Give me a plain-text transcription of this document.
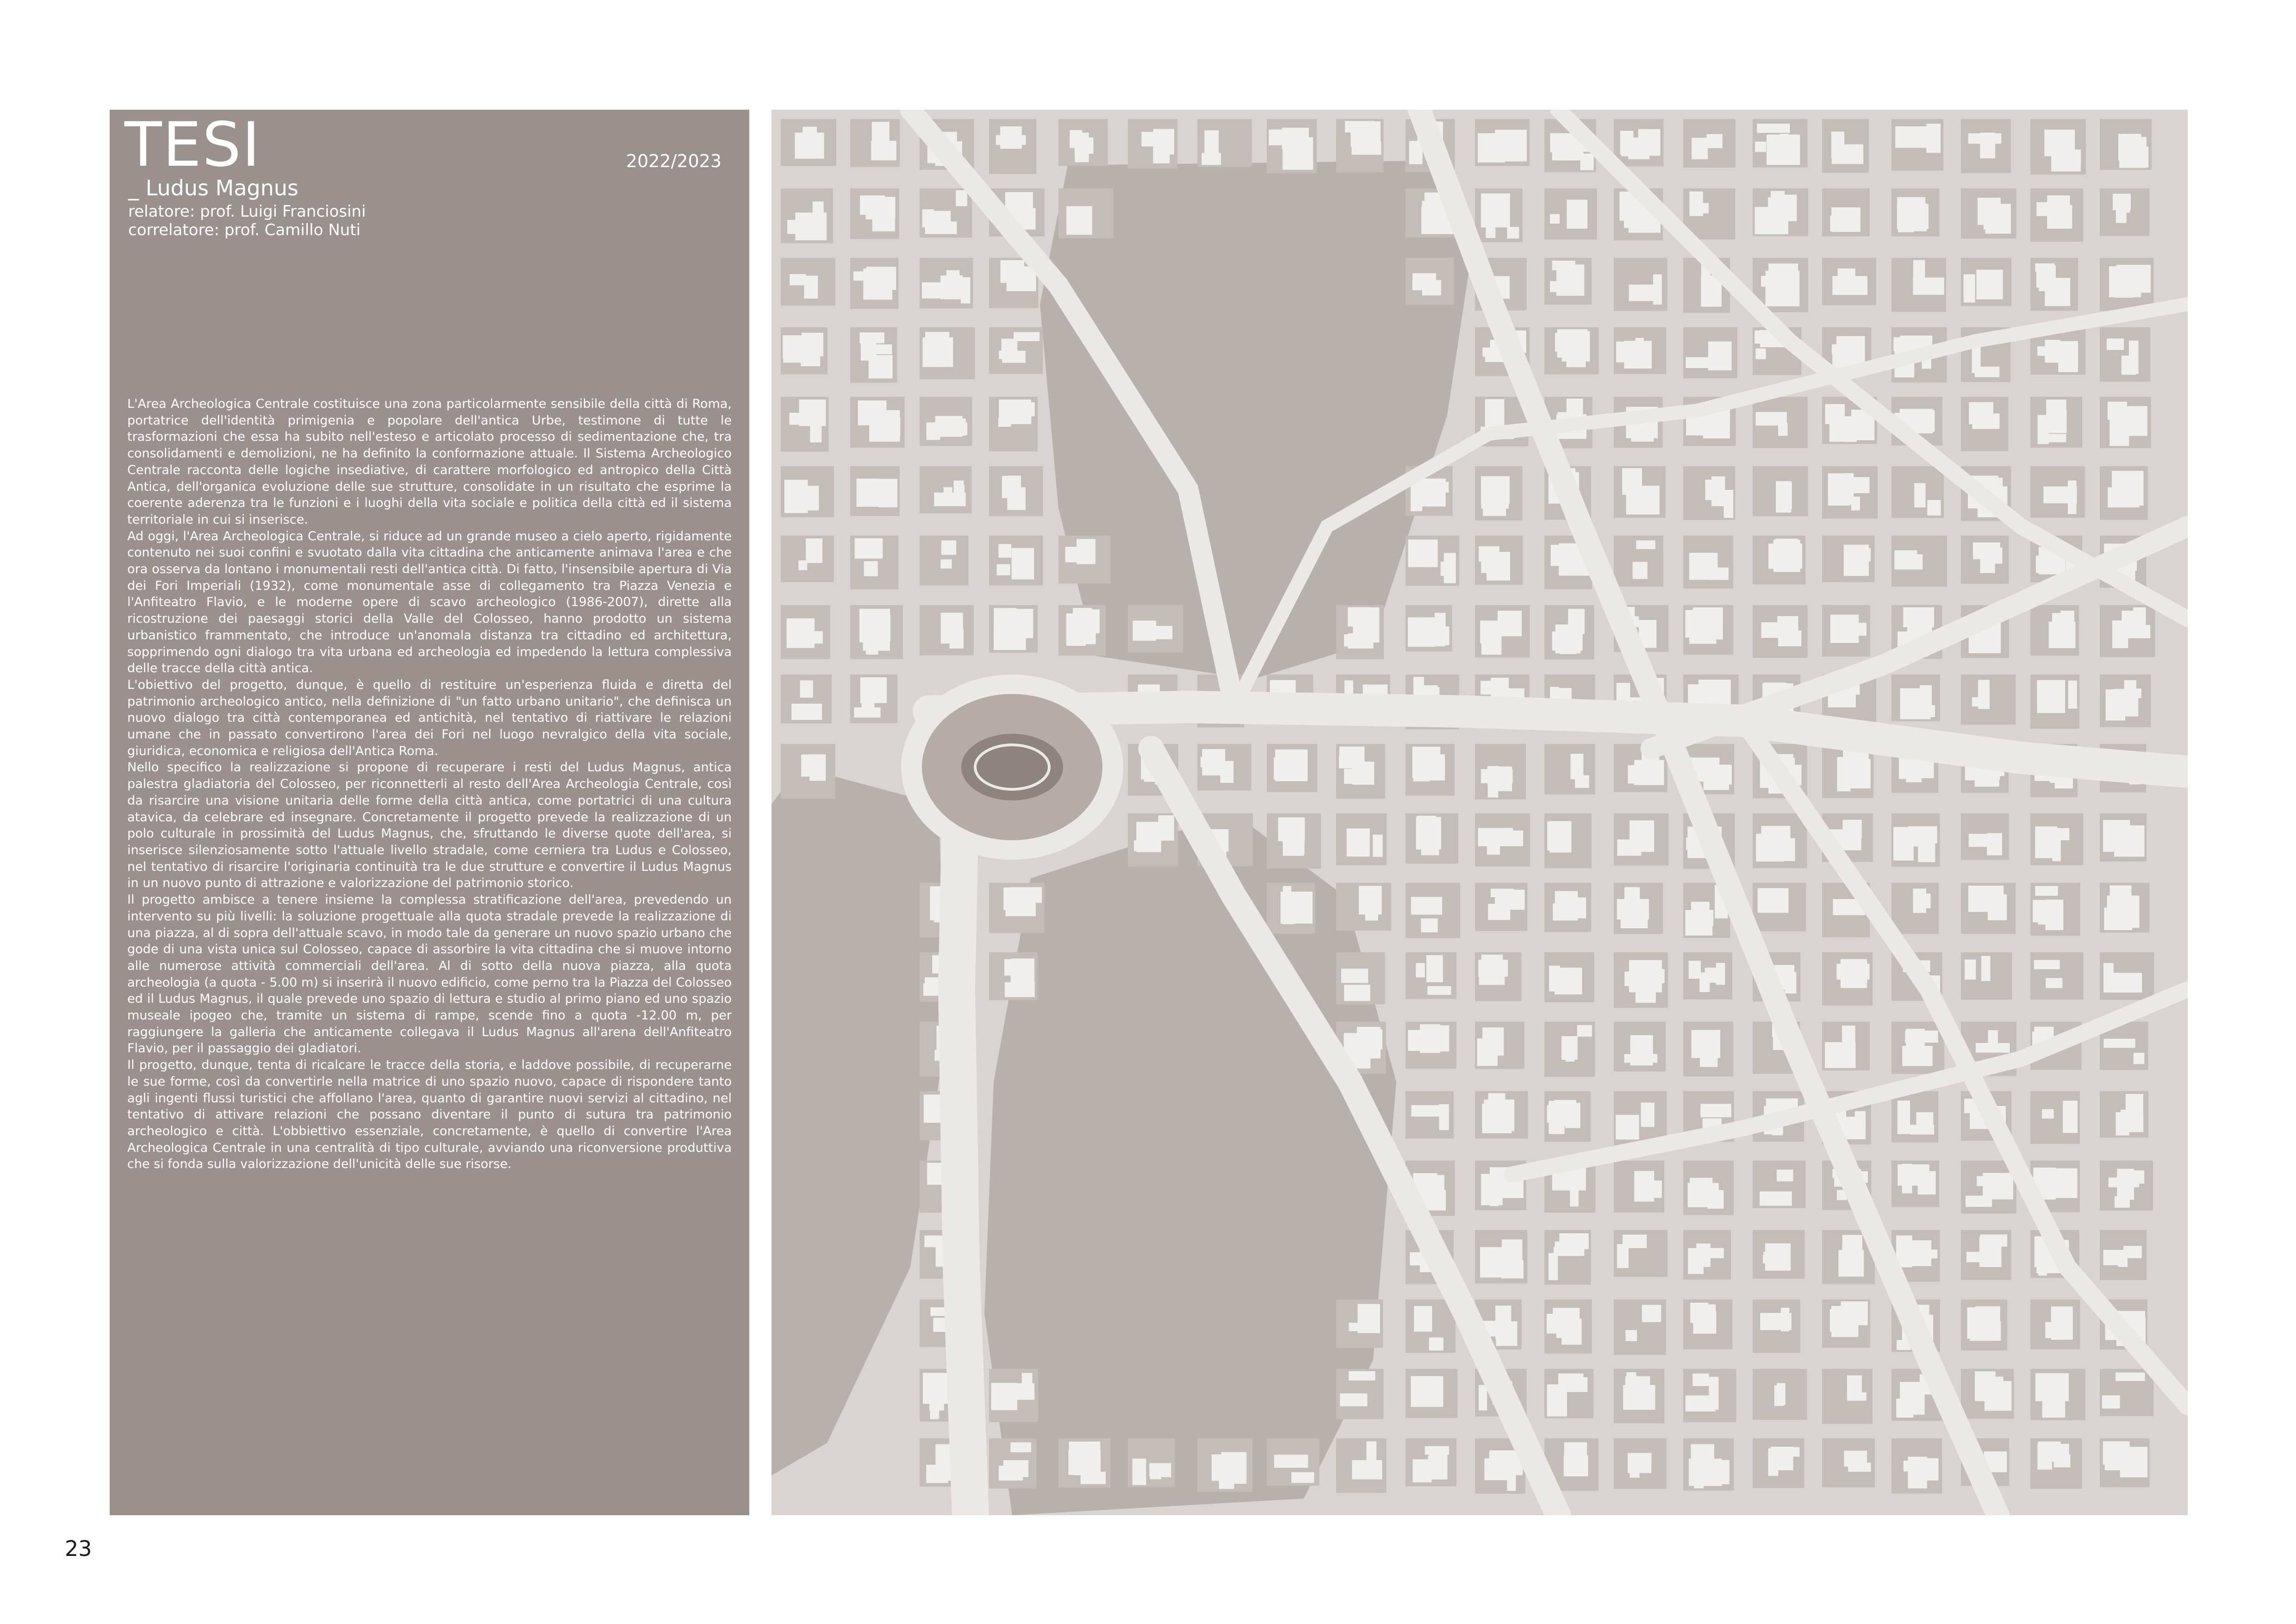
TESI	2022/2023
_ Ludus Magnus
relatore: prof. Luigi Franciosini
correlatore: prof. Camillo Nuti

L'Area Archeologica Centrale costituisce una zona particolarmente sensibile della città di Roma, portatrice dell'identità primigenia e popolare dell'antica Urbe, testimone di tutte le trasformazioni che essa ha subito nell'esteso e articolato processo di sedimentazione che, tra consolidamenti e demolizioni, ne ha definito la conformazione attuale. Il Sistema Archeologico Centrale racconta delle logiche insediative, di carattere morfologico ed antropico della Città Antica, dell'organica evoluzione delle sue strutture, consolidate in un risultato che esprime la coerente aderenza tra le funzioni e i luoghi della vita sociale e politica della città ed il sistema territoriale in cui si inserisce.

Ad oggi, l'Area Archeologica Centrale, si riduce ad un grande museo a cielo aperto, rigidamente contenuto nei suoi confini e svuotato dalla vita cittadina che anticamente animava l'area e che ora osserva da lontano i monumentali resti dell'antica città. Di fatto, l'insensibile apertura di Via dei Fori Imperiali (1932), come monumentale asse di collegamento tra Piazza Venezia e l'Anfiteatro Flavio, e le moderne opere di scavo archeologico (1986-2007), dirette alla ricostruzione dei paesaggi storici della Valle del Colosseo, hanno prodotto un sistema urbanistico frammentato, che introduce un'anomala distanza tra cittadino ed architettura, sopprimendo ogni dialogo tra vita urbana ed archeologia ed impedendo la lettura complessiva delle tracce della città antica.

L'obiettivo del progetto, dunque, è quello di restituire un'esperienza fluida e diretta del patrimonio archeologico antico, nella definizione di "un fatto urbano unitario", che definisca un nuovo dialogo tra città contemporanea ed antichità, nel tentativo di riattivare le relazioni umane che in passato convertirono l'area dei Fori nel luogo nevralgico della vita sociale, giuridica, economica e religiosa dell'Antica Roma.

Nello specifico la realizzazione si propone di recuperare i resti del Ludus Magnus, antica palestra gladiatoria del Colosseo, per riconnetterli al resto dell'Area Archeologia Centrale, così da risarcire una visione unitaria delle forme della città antica, come portatrici di una cultura atavica, da celebrare ed insegnare. Concretamente il progetto prevede la realizzazione di un polo culturale in prossimità del Ludus Magnus, che, sfruttando le diverse quote dell'area, si inserisce silenziosamente sotto l'attuale livello stradale, come cerniera tra Ludus e Colosseo, nel tentativo di risarcire l'originaria continuità tra le due strutture e convertire il Ludus Magnus in un nuovo punto di attrazione e valorizzazione del patrimonio storico.

Il progetto ambisce a tenere insieme la complessa stratificazione dell'area, prevedendo un intervento su più livelli: la soluzione progettuale alla quota stradale prevede la realizzazione di una piazza, al di sopra dell'attuale scavo, in modo tale da generare un nuovo spazio urbano che gode di una vista unica sul Colosseo, capace di assorbire la vita cittadina che si muove intorno alle numerose attività commerciali dell'area. Al di sotto della nuova piazza, alla quota archeologia (a quota - 5.00 m) si inserirà il nuovo edificio, come perno tra la Piazza del Colosseo ed il Ludus Magnus, il quale prevede uno spazio di lettura e studio al primo piano ed uno spazio museale ipogeo che, tramite un sistema di rampe, scende fino a quota -12.00 m, per raggiungere la galleria che anticamente collegava il Ludus Magnus all'arena dell'Anfiteatro Flavio, per il passaggio dei gladiatori.

Il progetto, dunque, tenta di ricalcare le tracce della storia, e laddove possibile, di recuperarne le sue forme, così da convertirle nella matrice di uno spazio nuovo, capace di rispondere tanto agli ingenti flussi turistici che affollano l'area, quanto di garantire nuovi servizi al cittadino, nel tentativo di attivare relazioni che possano diventare il punto di sutura tra patrimonio archeologico e città. L'obbiettivo essenziale, concretamente, è quello di convertire l'Area Archeologica Centrale in una centralità di tipo culturale, avviando una riconversione produttiva che si fonda sulla valorizzazione dell'unicità delle sue risorse.

23
